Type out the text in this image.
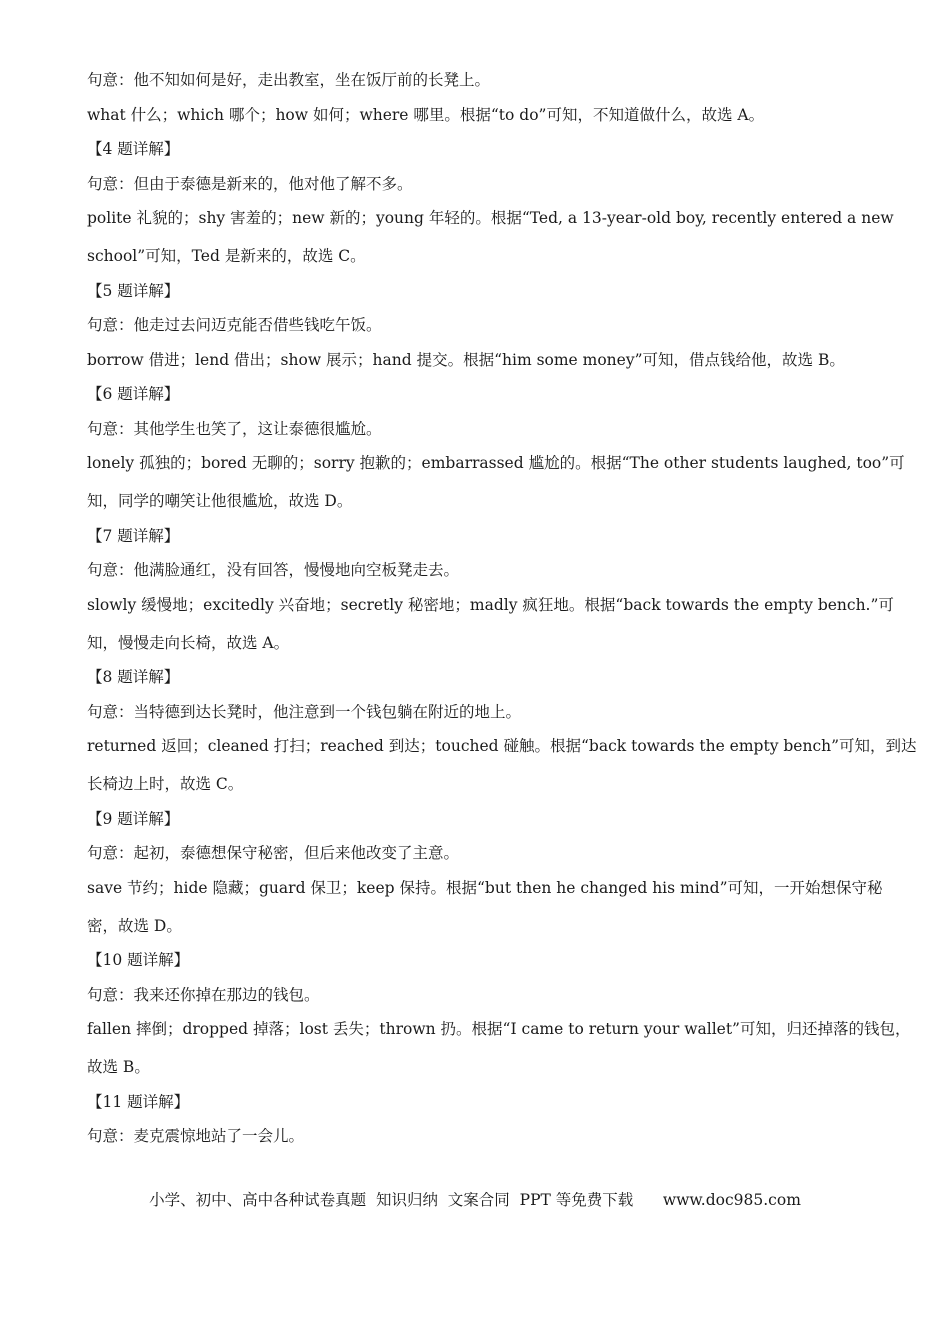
句意：他不知如何是好，走出教室，坐在饭厅前的长凳上。
what 什么；which 哪个；how 如何；where 哪里。根据“to do”可知，不知道做什么，故选 A。
【4 题详解】
句意：但由于泰德是新来的，他对他了解不多。
polite 礼貌的；shy 害羞的；new 新的；young 年轻的。根据“Ted, a 13-year-old boy, recently entered a new
school”可知，Ted 是新来的，故选 C。
【5 题详解】
句意：他走过去问迈克能否借些钱吃午饭。
borrow 借进；lend 借出；show 展示；hand 提交。根据“him some money”可知，借点钱给他，故选 B。
【6 题详解】
句意：其他学生也笑了，这让泰德很尴尬。
lonely 孤独的；bored 无聊的；sorry 抱歉的；embarrassed 尴尬的。根据“The other students laughed, too”可
知，同学的嘲笑让他很尴尬，故选 D。
【7 题详解】
句意：他满脸通红，没有回答，慢慢地向空板凳走去。
slowly 缓慢地；excitedly 兴奋地；secretly 秘密地；madly 疯狂地。根据“back towards the empty bench.”可
知，慢慢走向长椅，故选 A。
【8 题详解】
句意：当特德到达长凳时，他注意到一个钱包躺在附近的地上。
returned 返回；cleaned 打扫；reached 到达；touched 碰触。根据“back towards the empty bench”可知，到达
长椅边上时，故选 C。
【9 题详解】
句意：起初，泰德想保守秘密，但后来他改变了主意。
save 节约；hide 隐藏；guard 保卫；keep 保持。根据“but then he changed his mind”可知，一开始想保守秘
密，故选 D。
【10 题详解】
句意：我来还你掉在那边的钱包。
fallen 摔倒；dropped 掉落；lost 丢失；thrown 扔。根据“I came to return your wallet”可知，归还掉落的钱包，
故选 B。
【11 题详解】
句意：麦克震惊地站了一会儿。
小学、初中、高中各种试卷真题  知识归纳  文案合同  PPT 等免费下载      www.doc985.com
